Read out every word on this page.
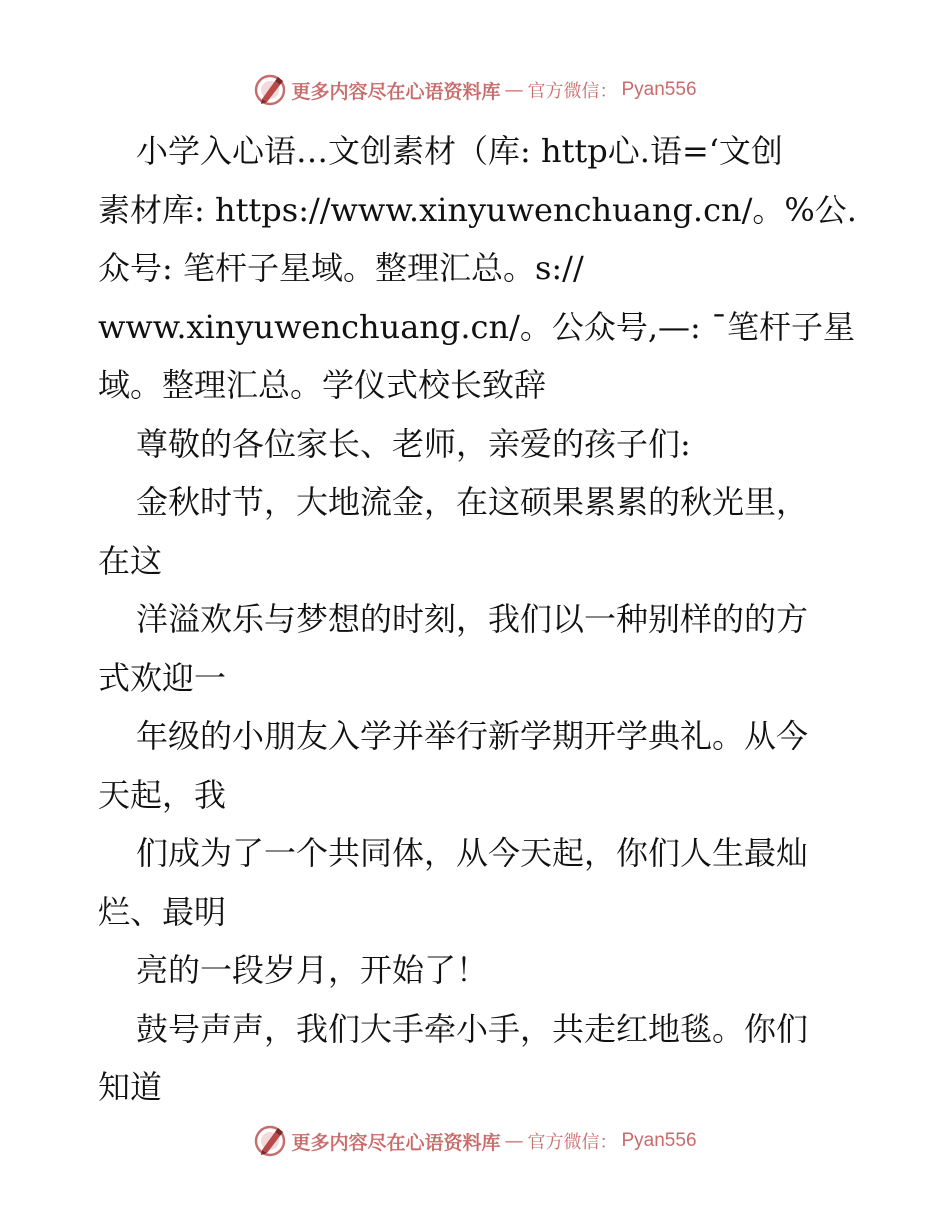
更多内容尽在心语资料库 — 官方微信： Pyan556
小学入心语…文创素材（库: http心.语=‘文创
素材库: https://www.xinyuwenchuang.cn/。%公.
众号: 笔杆子星域。整理汇总。s://
www.xinyuwenchuang.cn/。公众号,—: ¯笔杆子星
域。整理汇总。学仪式校长致辞
尊敬的各位家长、老师，亲爱的孩子们:
金秋时节，大地流金，在这硕果累累的秋光里，
在这
洋溢欢乐与梦想的时刻，我们以一种别样的的方
式欢迎一
年级的小朋友入学并举行新学期开学典礼。从今
天起，我
们成为了一个共同体，从今天起，你们人生最灿
烂、最明
亮的一段岁月，开始了！
鼓号声声，我们大手牵小手，共走红地毯。你们
知道
更多内容尽在心语资料库 — 官方微信： Pyan556
